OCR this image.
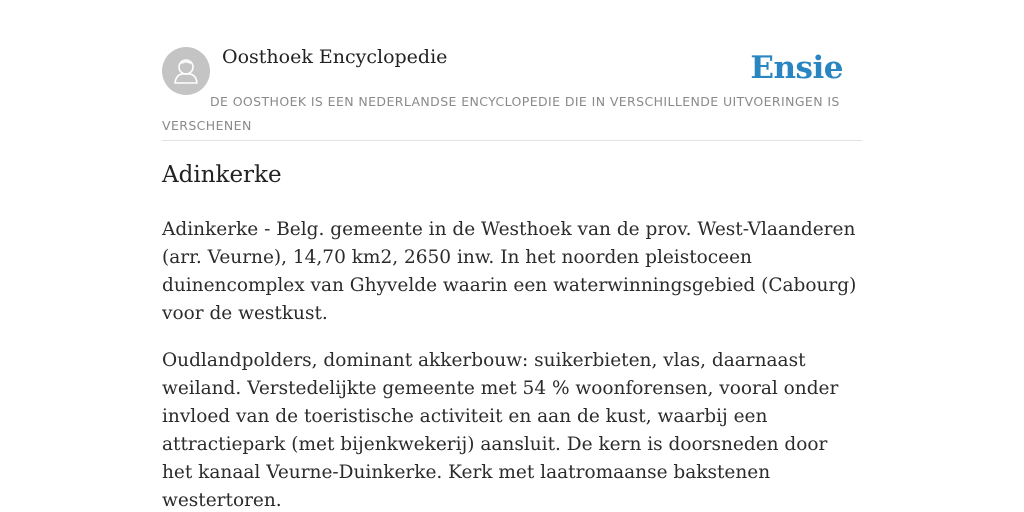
Oosthoek Encyclopedie	Ensie
DE OOSTHOEK IS EEN NEDERLANDSE ENCYCLOPEDIE DIE IN VERSCHILLENDE UITVOERINGEN IS VERSCHENEN
Adinkerke

Adinkerke - Belg. gemeente in de Westhoek van de prov. West-Vlaanderen (arr. Veurne), 14,70 km2, 2650 inw. In het noorden pleistoceen duinencomplex van Ghyvelde waarin een waterwinningsgebied (Cabourg) voor de westkust.

Oudlandpolders, dominant akkerbouw: suikerbieten, vlas, daarnaast weiland. Verstedelijkte gemeente met 54 % woonforensen, vooral onder invloed van de toeristische activiteit en aan de kust, waarbij een attractiepark (met bijenkwekerij) aansluit. De kern is doorsneden door het kanaal Veurne-Duinkerke. Kerk met laatromaanse bakstenen westertoren.
